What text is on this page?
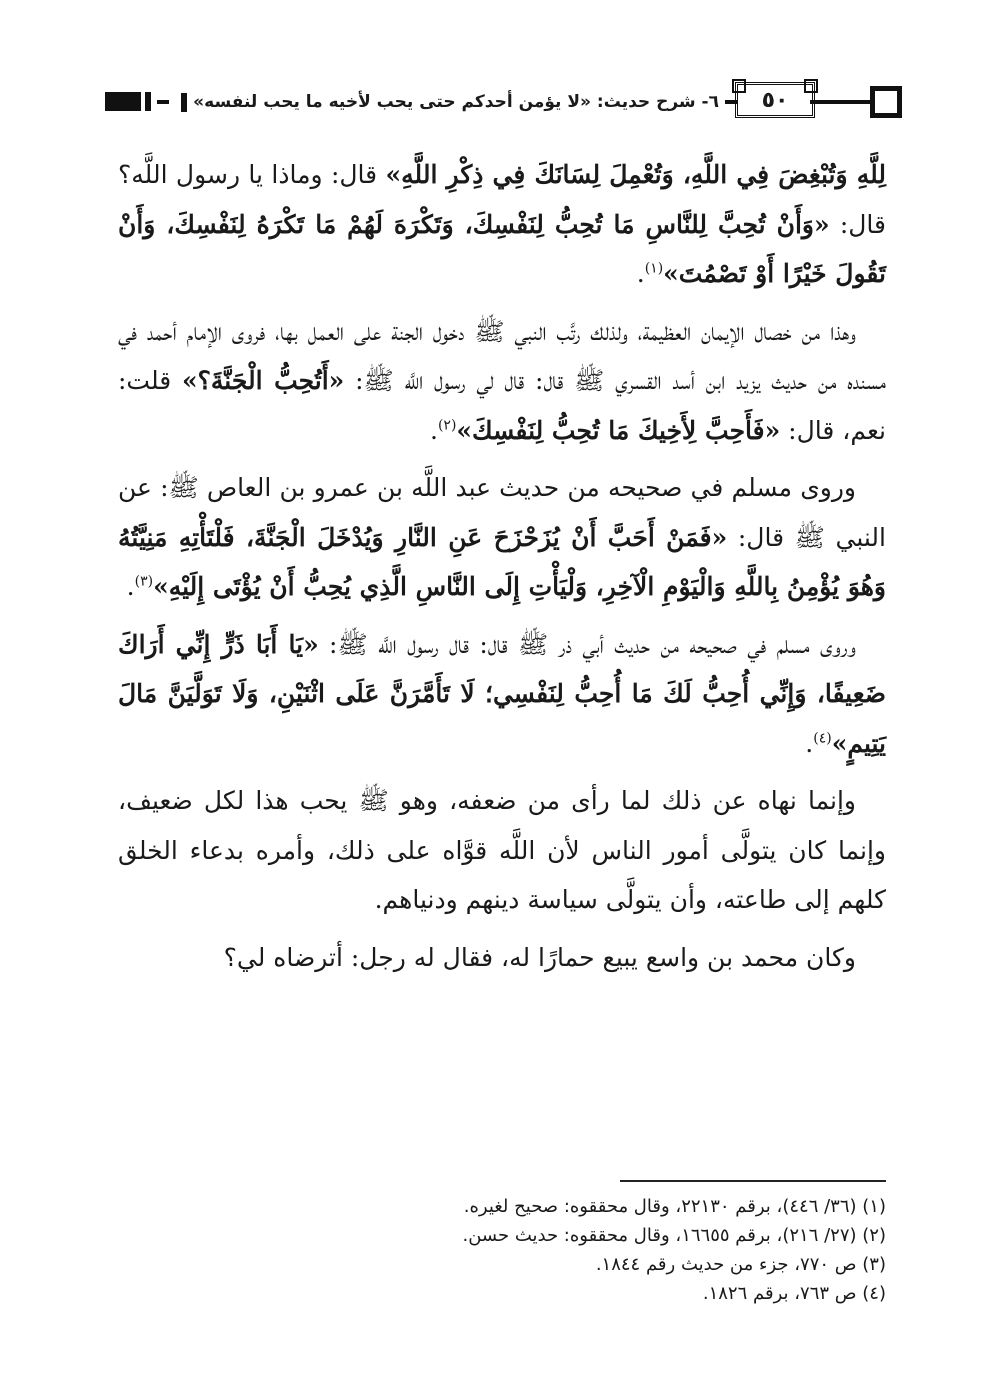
٦- شرح حديث: «لا يؤمن أحدكم حتى يحب لأخيه ما يحب لنفسه» ٥٠

لِلَّهِ وَتُبْغِضَ فِي اللَّهِ، وَتُعْمِلَ لِسَانَكَ فِي ذِكْرِ اللَّهِ» قال: وماذا يا رسول اللَّه؟ قال: «وَأَنْ تُحِبَّ لِلنَّاسِ مَا تُحِبُّ لِنَفْسِكَ، وَتَكْرَهَ لَهُمْ مَا تَكْرَهُ لِنَفْسِكَ، وَأَنْ تَقُولَ خَيْرًا أَوْ تَصْمُتَ»$^{(١)}$.

وهذا من خصال الإيمان العظيمة، ولذلك رتَّب النبي ﷺ دخول الجنة على العمل بها، فروى الإمام أحمد في مسنده من حديث يزيد ابن أسد القسري ﷺ قال: قال لي رسول اللَّه ﷺ: «أَتُحِبُّ الْجَنَّةَ؟» قلت: نعم، قال: «فَأَحِبَّ لِأَخِيكَ مَا تُحِبُّ لِنَفْسِكَ»$^{(٢)}$.

وروى مسلم في صحيحه من حديث عبد اللَّه بن عمرو بن العاص ﷺ: عن النبي ﷺ قال: «فَمَنْ أَحَبَّ أَنْ يُزَحْزَحَ عَنِ النَّارِ وَيُدْخَلَ الْجَنَّةَ، فَلْتَأْتِهِ مَنِيَّتُهُ وَهُوَ يُؤْمِنُ بِاللَّهِ وَالْيَوْمِ الْآخِرِ، وَلْيَأْتِ إِلَى النَّاسِ الَّذِي يُحِبُّ أَنْ يُؤْتَى إِلَيْهِ»$^{(٣)}$.

وروى مسلم في صحيحه من حديث أبي ذر ﷺ قال: قال رسول اللَّه ﷺ: «يَا أَبَا ذَرٍّ إِنِّي أَرَاكَ ضَعِيفًا، وَإِنِّي أُحِبُّ لَكَ مَا أُحِبُّ لِنَفْسِي؛ لَا تَأَمَّرَنَّ عَلَى اثْنَيْنِ، وَلَا تَوَلَّيَنَّ مَالَ يَتِيمٍ»$^{(٤)}$.

وإنما نهاه عن ذلك لما رأى من ضعفه، وهو ﷺ يحب هذا لكل ضعيف، وإنما كان يتولَّى أمور الناس لأن اللَّه قوَّاه على ذلك، وأمره بدعاء الخلق كلهم إلى طاعته، وأن يتولَّى سياسة دينهم ودنياهم.

وكان محمد بن واسع يبيع حمارًا له، فقال له رجل: أترضاه لي؟

(١) (٣٦/ ٤٤٦)، برقم ٢٢١٣٠، وقال محققوه: صحيح لغيره.

(٢) (٢٧/ ٢١٦)، برقم ١٦٦٥٥، وقال محققوه: حديث حسن.

(٣) ص ٧٧٠، جزء من حديث رقم ١٨٤٤.

(٤) ص ٧٦٣، برقم ١٨٢٦.
